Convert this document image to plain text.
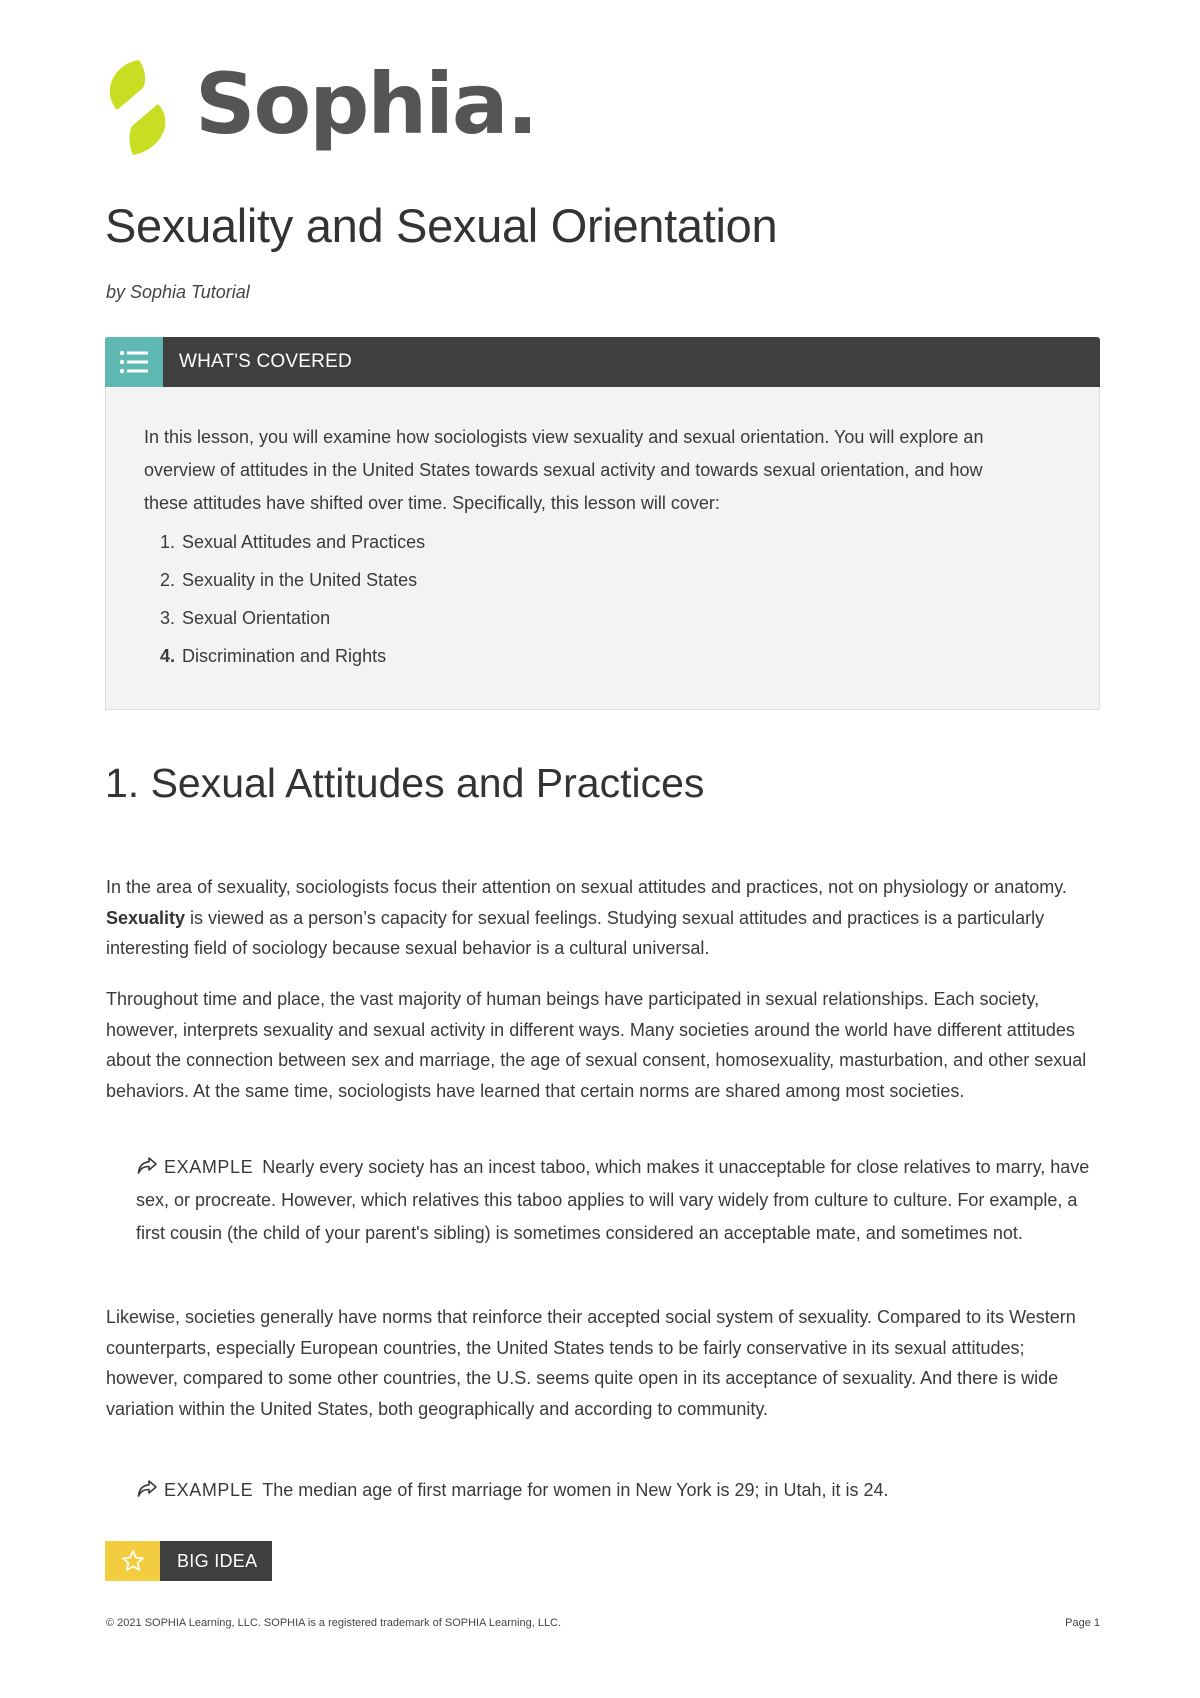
Sophia.
Sexuality and Sexual Orientation
by Sophia Tutorial
WHAT'S COVERED

In this lesson, you will examine how sociologists view sexuality and sexual orientation. You will explore an overview of attitudes in the United States towards sexual activity and towards sexual orientation, and how these attitudes have shifted over time. Specifically, this lesson will cover:

1. Sexual Attitudes and Practices
2. Sexuality in the United States
3. Sexual Orientation
4. Discrimination and Rights
1. Sexual Attitudes and Practices

In the area of sexuality, sociologists focus their attention on sexual attitudes and practices, not on physiology or anatomy. Sexuality is viewed as a person’s capacity for sexual feelings. Studying sexual attitudes and practices is a particularly interesting field of sociology because sexual behavior is a cultural universal.

Throughout time and place, the vast majority of human beings have participated in sexual relationships. Each society, however, interprets sexuality and sexual activity in different ways. Many societies around the world have different attitudes about the connection between sex and marriage, the age of sexual consent, homosexuality, masturbation, and other sexual behaviors. At the same time, sociologists have learned that certain norms are shared among most societies.

EXAMPLE Nearly every society has an incest taboo, which makes it unacceptable for close relatives to marry, have sex, or procreate. However, which relatives this taboo applies to will vary widely from culture to culture. For example, a first cousin (the child of your parent's sibling) is sometimes considered an acceptable mate, and sometimes not.

Likewise, societies generally have norms that reinforce their accepted social system of sexuality. Compared to its Western counterparts, especially European countries, the United States tends to be fairly conservative in its sexual attitudes; however, compared to some other countries, the U.S. seems quite open in its acceptance of sexuality. And there is wide variation within the United States, both geographically and according to community.

EXAMPLE The median age of first marriage for women in New York is 29; in Utah, it is 24.

BIG IDEA
© 2021 SOPHIA Learning, LLC. SOPHIA is a registered trademark of SOPHIA Learning, LLC.	Page 1
